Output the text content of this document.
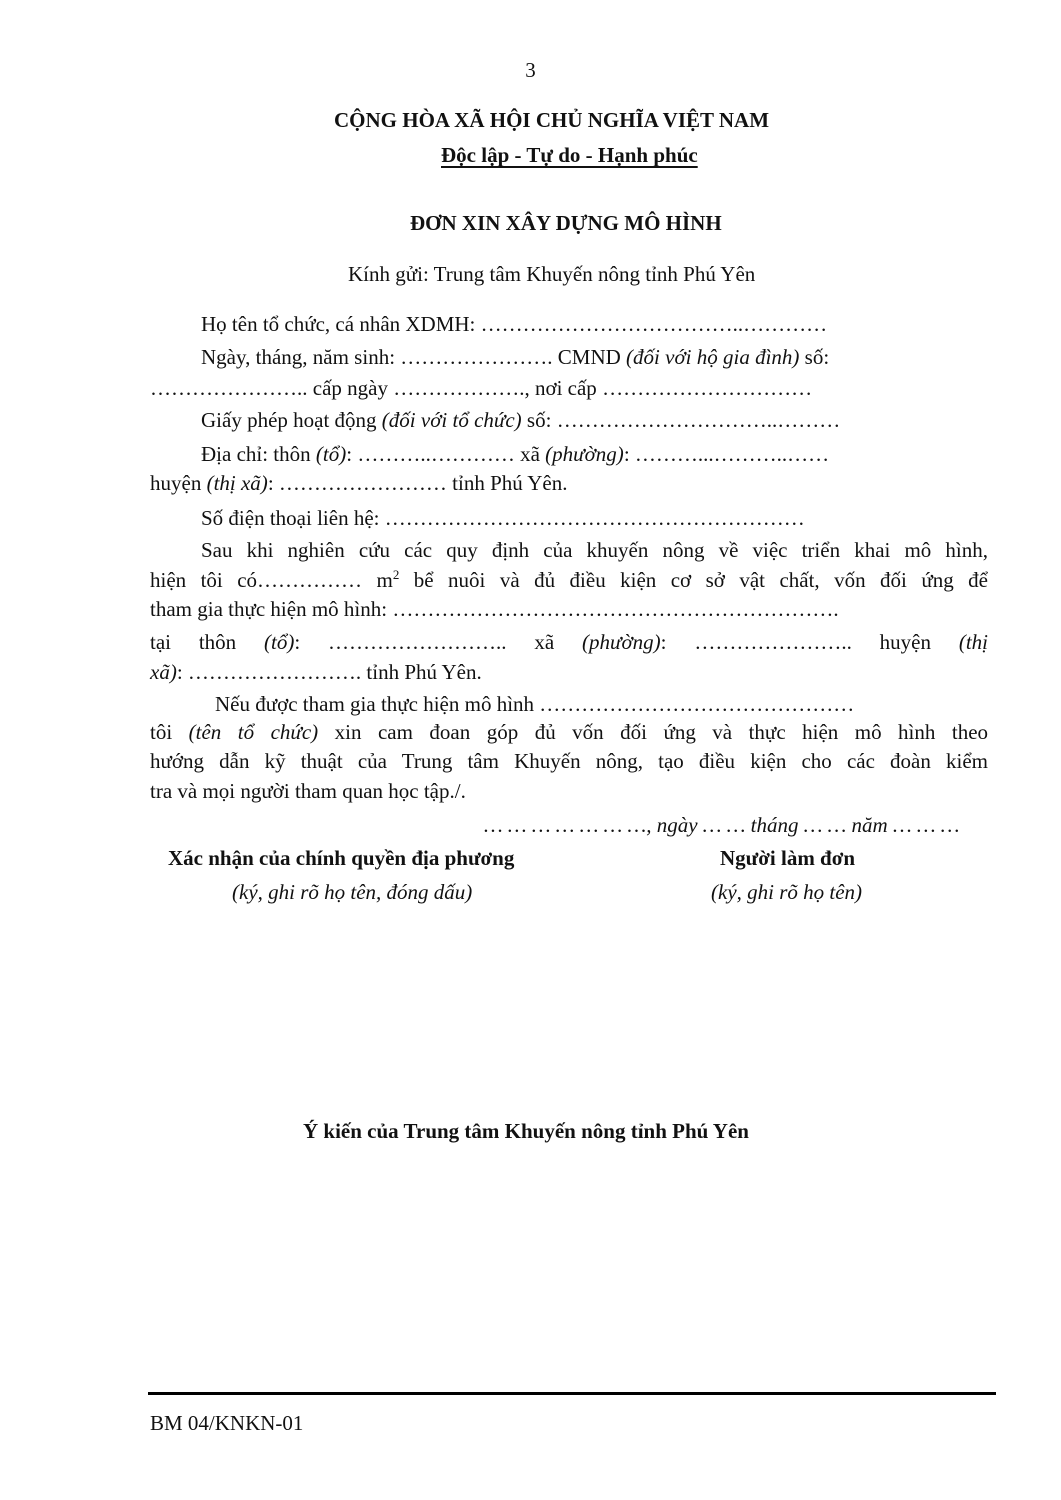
3
CỘNG HÒA XÃ HỘI CHỦ NGHĨA VIỆT NAM
Độc lập - Tự do - Hạnh phúc
ĐƠN XIN XÂY DỰNG MÔ HÌNH
Kính gửi: Trung tâm Khuyến nông tỉnh Phú Yên
Họ tên tổ chức, cá nhân XDMH: ………………………………..…………
Ngày, tháng, năm sinh: …………………. CMND (đối với hộ gia đình) số:
………………….. cấp ngày ………………., nơi cấp …………………………
Giấy phép hoạt động (đối với tổ chức) số: …………………………..………
Địa chỉ: thôn (tổ): ………..………… xã (phường): ………...………..……
huyện (thị xã): …………………… tỉnh Phú Yên.
Số điện thoại liên hệ: ……………………………………………………
Sau khi nghiên cứu các quy định của khuyến nông về việc triển khai mô hình,
hiện tôi có…………… $m^2$ bể nuôi và đủ điều kiện cơ sở vật chất, vốn đối ứng để
tham gia thực hiện mô hình: ……………………………………………………….
tại thôn (tổ): …………………….. xã (phường): ………………….. huyện (thị
xã): ……………………. tỉnh Phú Yên.
Nếu được tham gia thực hiện mô hình ………………………………………
tôi (tên tổ chức) xin cam đoan góp đủ vốn đối ứng và thực hiện mô hình theo
hướng dẫn kỹ thuật của Trung tâm Khuyến nông, tạo điều kiện cho các đoàn kiểm
tra và mọi người tham quan học tập./.
… … … … … … …, ngày … … tháng … … năm … … …
Xác nhận của chính quyền địa phương
(ký, ghi rõ họ tên, đóng dấu)
Người làm đơn
(ký, ghi rõ họ tên)
Ý kiến của Trung tâm Khuyến nông tỉnh Phú Yên
BM 04/KNKN-01
